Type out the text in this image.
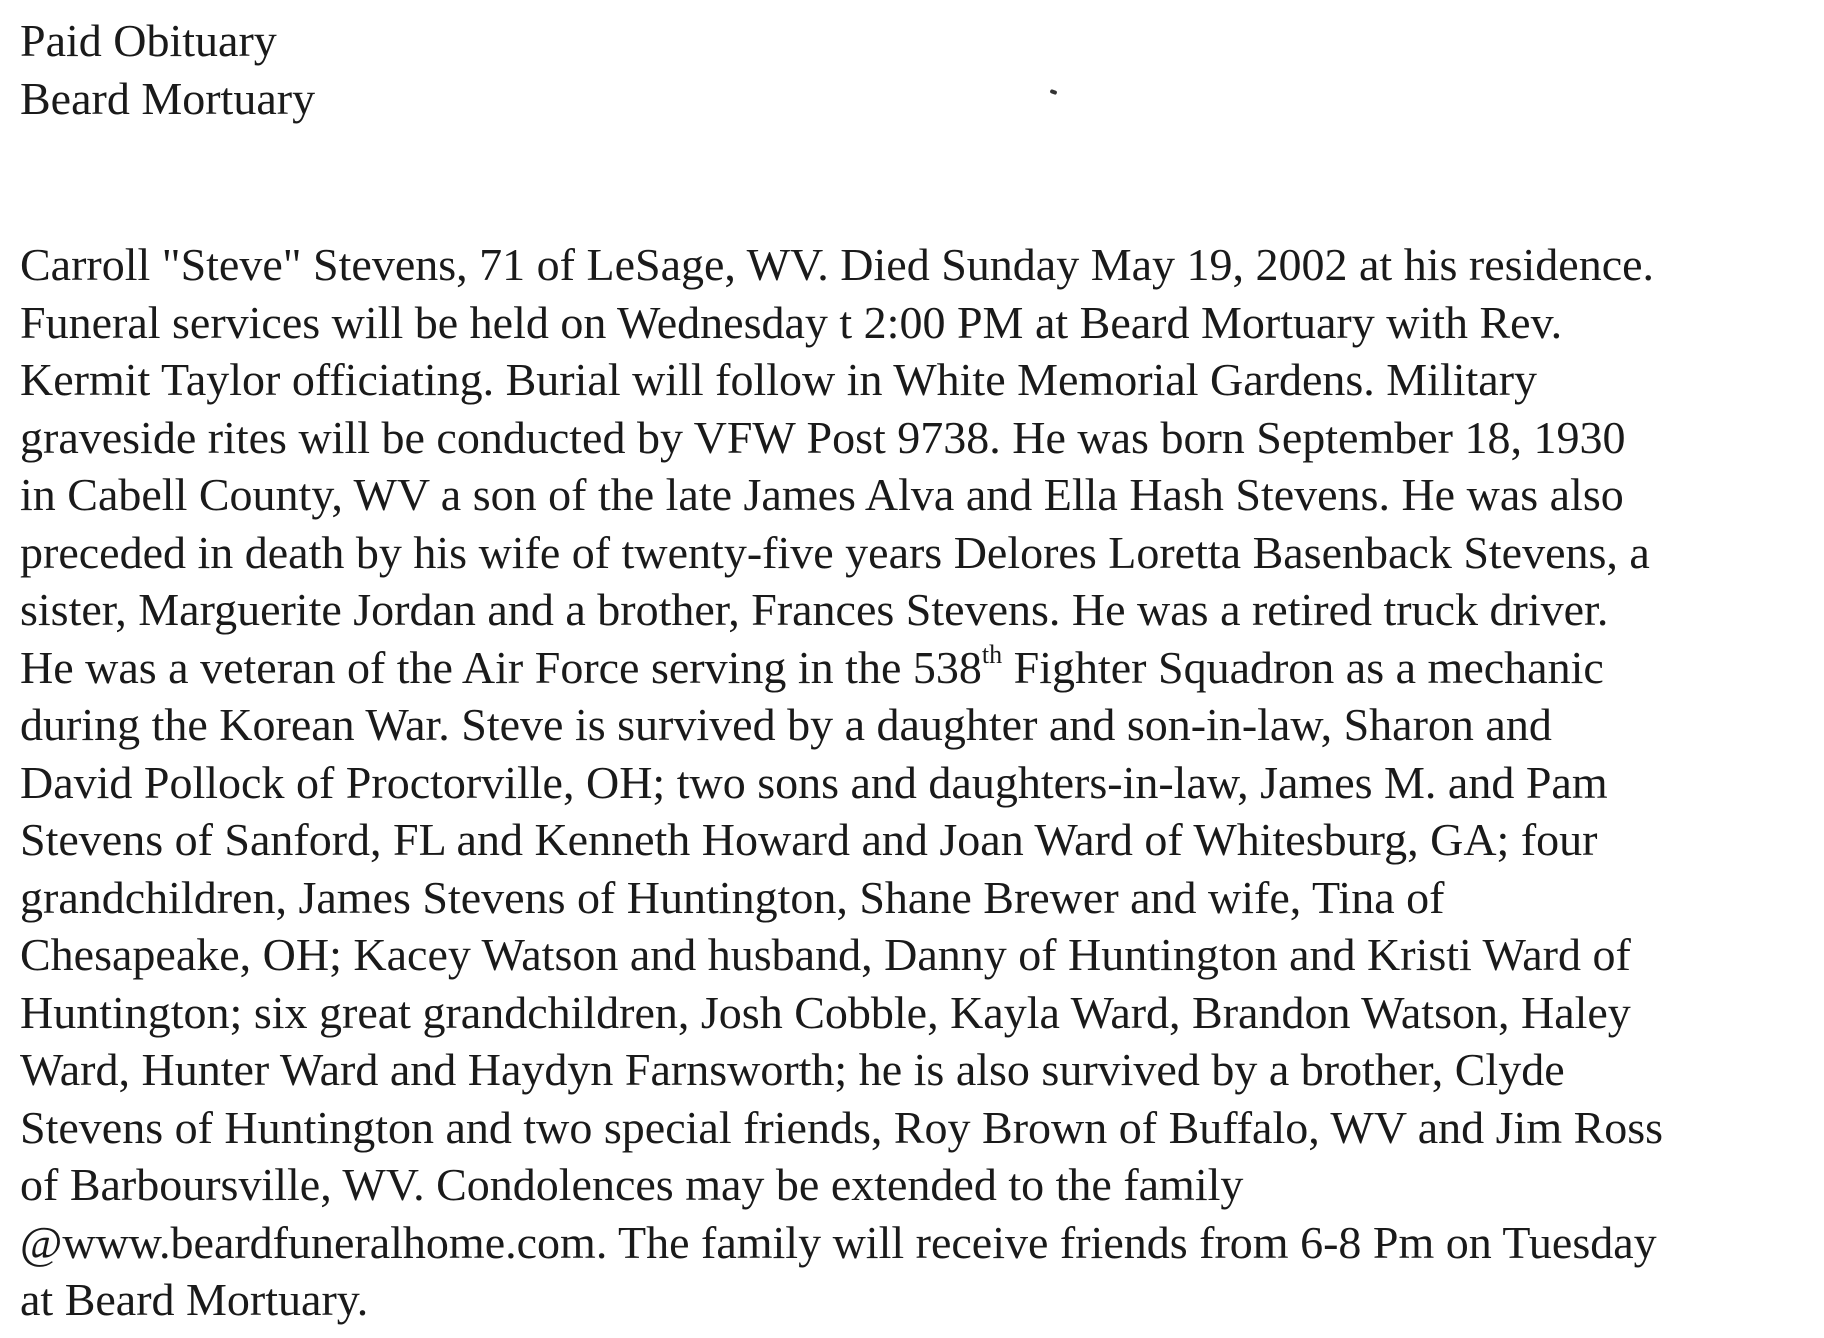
Paid Obituary
Beard Mortuary
Carroll "Steve" Stevens, 71 of LeSage, WV. Died Sunday May 19, 2002 at his residence.
Funeral services will be held on Wednesday t 2:00 PM at Beard Mortuary with Rev.
Kermit Taylor officiating. Burial will follow in White Memorial Gardens. Military
graveside rites will be conducted by VFW Post 9738. He was born September 18, 1930
in Cabell County, WV a son of the late James Alva and Ella Hash Stevens. He was also
preceded in death by his wife of twenty-five years Delores Loretta Basenback Stevens, a
sister, Marguerite Jordan and a brother, Frances Stevens. He was a retired truck driver.
He was a veteran of the Air Force serving in the 538th Fighter Squadron as a mechanic
during the Korean War. Steve is survived by a daughter and son-in-law, Sharon and
David Pollock of Proctorville, OH; two sons and daughters-in-law, James M. and Pam
Stevens of Sanford, FL and Kenneth Howard and Joan Ward of Whitesburg, GA; four
grandchildren, James Stevens of Huntington, Shane Brewer and wife, Tina of
Chesapeake, OH; Kacey Watson and husband, Danny of Huntington and Kristi Ward of
Huntington; six great grandchildren, Josh Cobble, Kayla Ward, Brandon Watson, Haley
Ward, Hunter Ward and Haydyn Farnsworth; he is also survived by a brother, Clyde
Stevens of Huntington and two special friends, Roy Brown of Buffalo, WV and Jim Ross
of Barboursville, WV. Condolences may be extended to the family
@www.beardfuneralhome.com. The family will receive friends from 6-8 Pm on Tuesday
at Beard Mortuary.
